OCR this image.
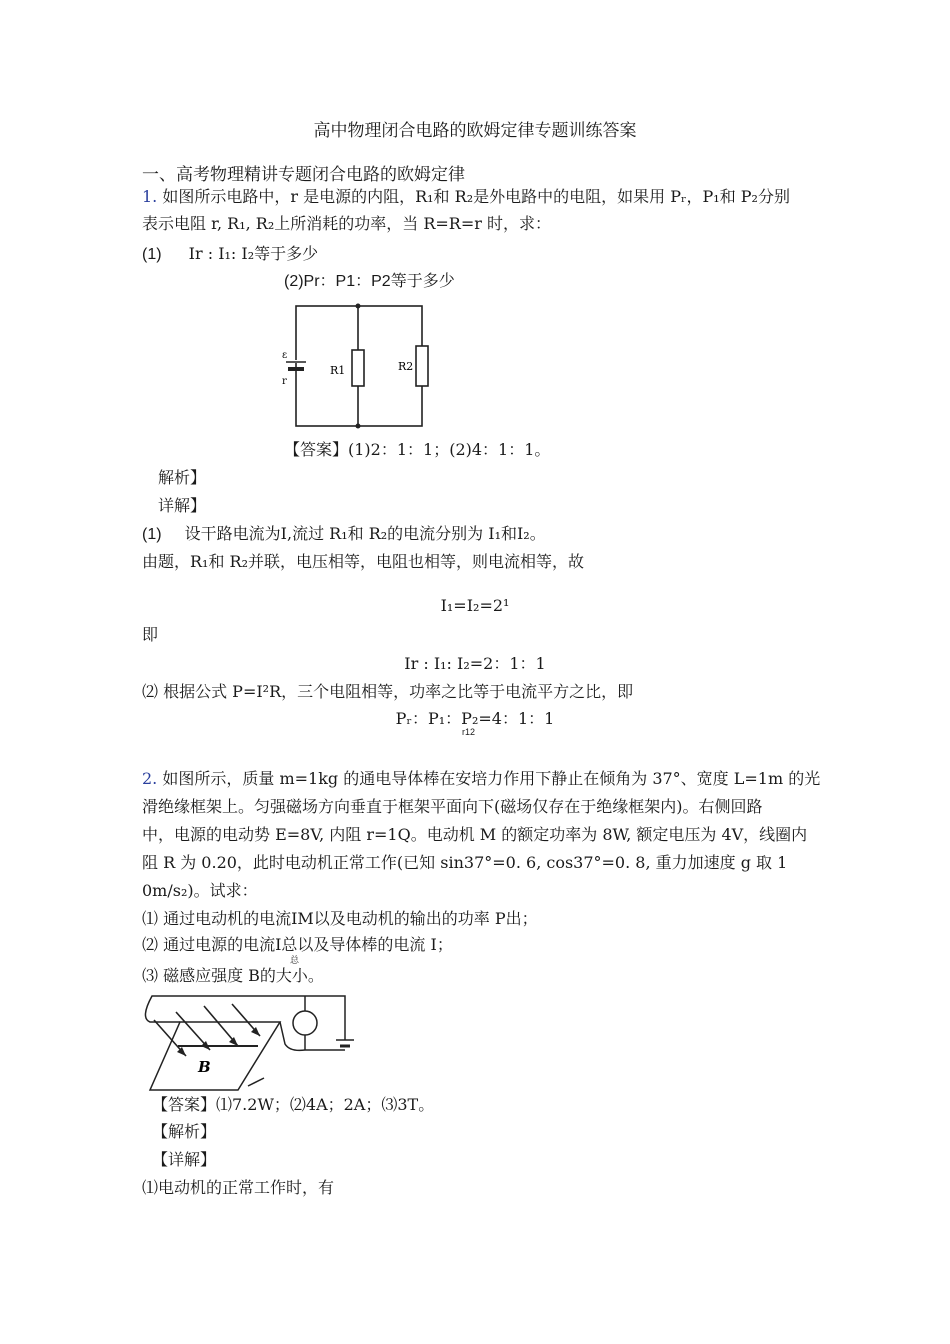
高中物理闭合电路的欧姆定律专题训练答案
一、高考物理精讲专题闭合电路的欧姆定律
1. 如图所示电路中，r 是电源的内阻，R₁和 R₂是外电路中的电阻，如果用 Pᵣ，P₁和 P₂分别
表示电阻 r, R₁, R₂上所消耗的功率，当 R=R=r 时，求：
(1) Ir : I₁: I₂等于多少
(2)Pr：P1：P2等于多少
ε
r
R1	R2
【答案】(1)2：1：1；(2)4：1：1。
解析】
详解】
(1) 设干路电流为I,流过 R₁和 R₂的电流分别为 I₁和I₂。
由题，R₁和 R₂并联，电压相等，电阻也相等，则电流相等，故
I₁=I₂=2¹
即
Ir : I₁: I₂=2：1：1
⑵ 根据公式 P=I²R，三个电阻相等，功率之比等于电流平方之比，即
Pᵣ：P₁：P₂=4：1：1
r12
2. 如图所示，质量 m=1kg 的通电导体棒在安培力作用下静止在倾角为 37°、宽度 L=1m 的光
滑绝缘框架上。匀强磁场方向垂直于框架平面向下(磁场仅存在于绝缘框架内)。右侧回路
中，电源的电动势 E=8V, 内阻 r=1Q。电动机 M 的额定功率为 8W, 额定电压为 4V，线圈内
阻 R 为 0.20，此时电动机正常工作(已知 sin37°=0. 6, cos37°=0. 8, 重力加速度 g 取 1
0m/s₂)。试求：
⑴ 通过电动机的电流IM以及电动机的输出的功率 P出；
⑵ 通过电源的电流I总以及导体棒的电流 I；
总
⑶ 磁感应强度 B的大小。
B
【答案】⑴7.2W；⑵4A；2A；⑶3T。
【解析】
【详解】
⑴电动机的正常工作时，有
